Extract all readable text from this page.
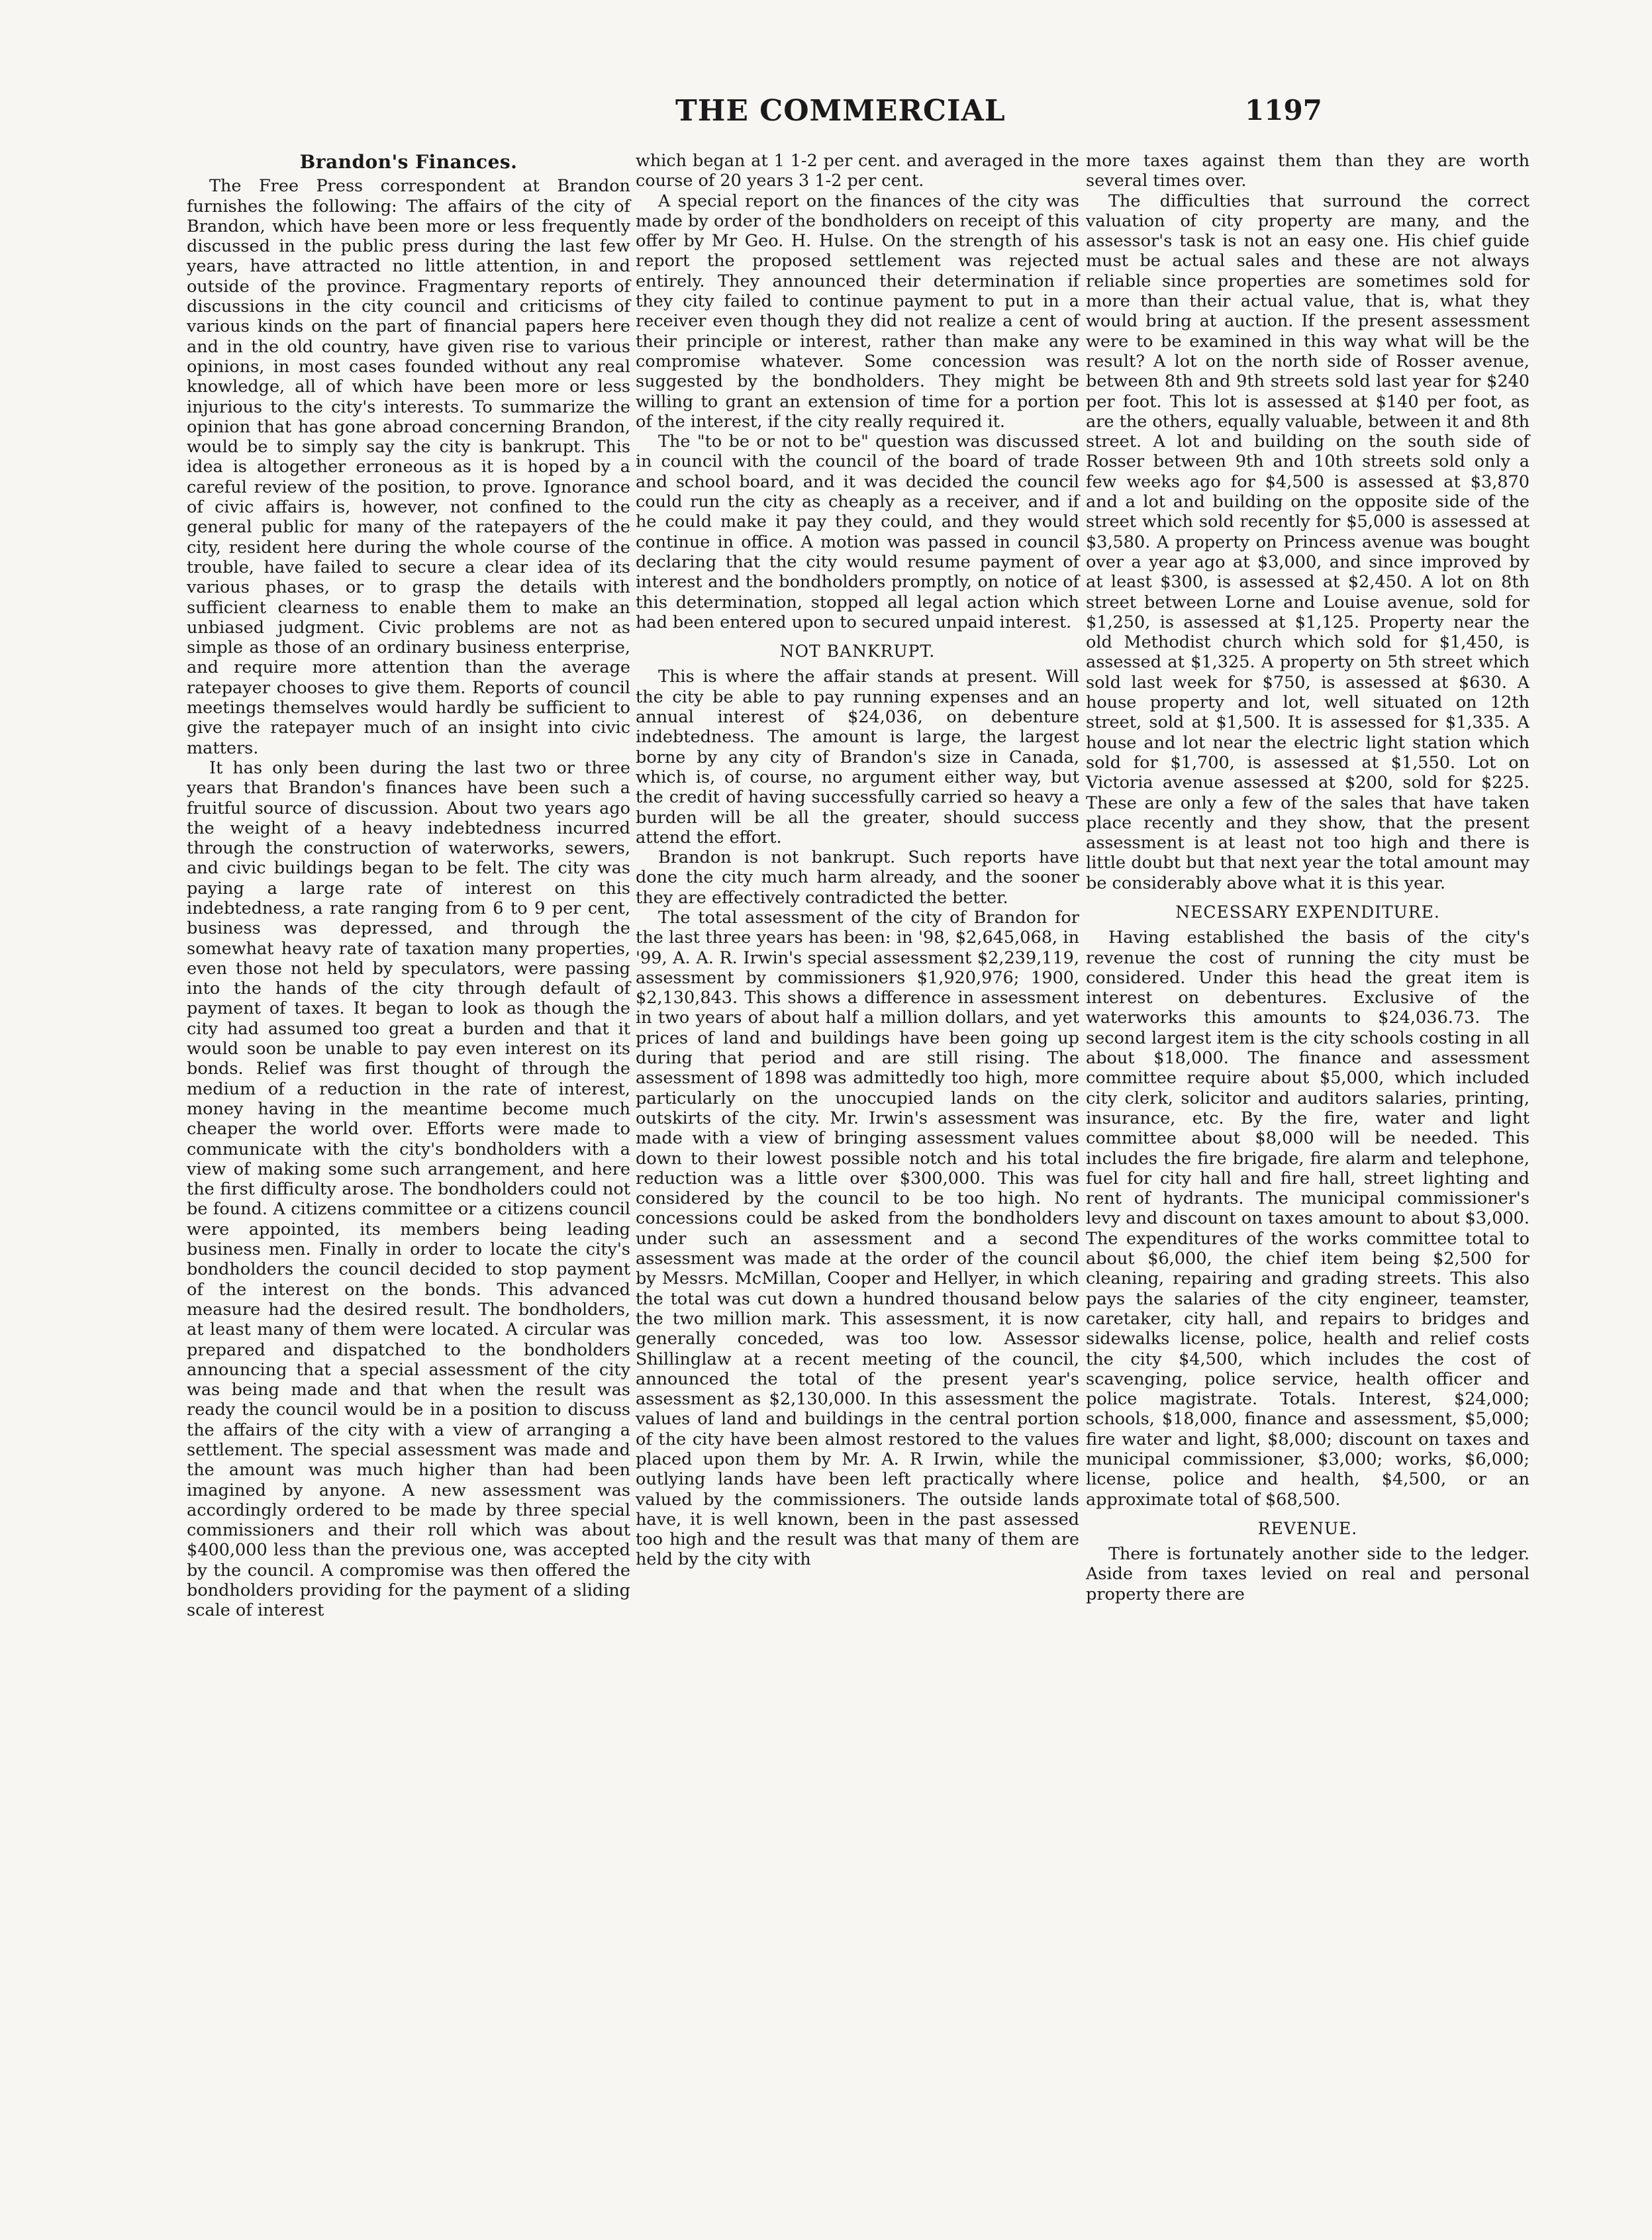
THE COMMERCIAL	1197
Brandon's Finances.

The Free Press correspondent at Brandon furnishes the following: The affairs of the city of Brandon, which have been more or less frequently discussed in the public press during the last few years, have attracted no little attention, in and outside of the province. Fragmentary reports of discussions in the city council and criticisms of various kinds on the part of financial papers here and in the old country, have given rise to various opinions, in most cases founded without any real knowledge, all of which have been more or less injurious to the city's interests. To summarize the opinion that has gone abroad concerning Brandon, would be to simply say the city is bankrupt. This idea is altogether erroneous as it is hoped by a careful review of the position, to prove. Ignorance of civic affairs is, however, not confined to the general public for many of the ratepayers of the city, resident here during the whole course of the trouble, have failed to secure a clear idea of its various phases, or to grasp the details with sufficient clearness to enable them to make an unbiased judgment. Civic problems are not as simple as those of an ordinary business enterprise, and require more attention than the average ratepayer chooses to give them. Reports of council meetings themselves would hardly be sufficient to give the ratepayer much of an insight into civic matters.

It has only been during the last two or three years that Brandon's finances have been such a fruitful source of discussion. About two years ago the weight of a heavy indebtedness incurred through the construction of waterworks, sewers, and civic buildings began to be felt. The city was paying a large rate of interest on this indebtedness, a rate ranging from 6 to 9 per cent, business was depressed, and through the somewhat heavy rate of taxation many properties, even those not held by speculators, were passing into the hands of the city through default of payment of taxes. It began to look as though the city had assumed too great a burden and that it would soon be unable to pay even interest on its bonds. Relief was first thought of through the medium of a reduction in the rate of interest, money having in the meantime become much cheaper the world over. Efforts were made to communicate with the city's bondholders with a view of making some such arrangement, and here the first difficulty arose. The bondholders could not be found. A citizens committee or a citizens council were appointed, its members being leading business men. Finally in order to locate the city's bondholders the council decided to stop payment of the interest on the bonds. This advanced measure had the desired result. The bondholders, at least many of them were located. A circular was prepared and dispatched to the bondholders announcing that a special assessment of the city was being made and that when the result was ready the council would be in a position to discuss the affairs of the city with a view of arranging a settlement. The special assessment was made and the amount was much higher than had been imagined by anyone. A new assessment was accordingly ordered to be made by three special commissioners and their roll which was about $400,000 less than the previous one, was accepted by the council. A compromise was then offered the bondholders providing for the payment of a sliding scale of interest

which began at 1 1-2 per cent. and averaged in the course of 20 years 3 1-2 per cent.

A special report on the finances of the city was made by order of the bondholders on receipt of this offer by Mr Geo. H. Hulse. On the strength of his report the proposed settlement was rejected entirely. They announced their determination if they city failed to continue payment to put in a receiver even though they did not realize a cent of their principle or interest, rather than make any compromise whatever. Some concession was suggested by the bondholders. They might be willing to grant an extension of time for a portion of the interest, if the city really required it.

The "to be or not to be" question was discussed in council with the council of the board of trade and school board, and it was decided the council could run the city as cheaply as a receiver, and if he could make it pay they could, and they would continue in office. A motion was passed in council declaring that the city would resume payment of interest and the bondholders promptly, on notice of this determination, stopped all legal action which had been entered upon to secured unpaid interest.

NOT BANKRUPT.

This is where the affair stands at present. Will the city be able to pay running expenses and an annual interest of $24,036, on debenture indebtedness. The amount is large, the largest borne by any city of Brandon's size in Canada, which is, of course, no argument either way, but the credit of having successfully carried so heavy a burden will be all the greater, should success attend the effort.

Brandon is not bankrupt. Such reports have done the city much harm already, and the sooner they are effectively contradicted the better.

The total assessment of the city of Brandon for the last three years has been: in '98, $2,645,068, in '99, A. A. R. Irwin's special assessment $2,239,119, assessment by commissioners $1,920,976; 1900, $2,130,843. This shows a difference in assessment in two years of about half a million dollars, and yet prices of land and buildings have been going up during that period and are still rising. The assessment of 1898 was admittedly too high, more particularly on the unoccupied lands on the outskirts of the city. Mr. Irwin's assessment was made with a view of bringing assessment values down to their lowest possible notch and his total reduction was a little over $300,000. This was considered by the council to be too high. No concessions could be asked from the bondholders under such an assessment and a second assessment was made at the order of the council by Messrs. McMillan, Cooper and Hellyer, in which the total was cut down a hundred thousand below the two million mark. This assessment, it is now generally conceded, was too low. Assessor Shillinglaw at a recent meeting of the council, announced the total of the present year's assessment as $2,130,000. In this assessment the values of land and buildings in the central portion of the city have been almost restored to the values placed upon them by Mr. A. R Irwin, while the outlying lands have been left practically where valued by the commissioners. The outside lands have, it is well known, been in the past assessed too high and the result was that many of them are held by the city with

more taxes against them than they are worth several times over.

The difficulties that surround the correct valuation of city property are many, and the assessor's task is not an easy one. His chief guide must be actual sales and these are not always reliable since properties are sometimes sold for more than their actual value, that is, what they would bring at auction. If the present assessment were to be examined in this way what will be the result? A lot on the north side of Rosser avenue, between 8th and 9th streets sold last year for $240 per foot. This lot is assessed at $140 per foot, as are the others, equally valuable, between it and 8th street. A lot and building on the south side of Rosser between 9th and 10th streets sold only a few weeks ago for $4,500 is assessed at $3,870 and a lot and building on the opposite side of the street which sold recently for $5,000 is assessed at $3,580. A property on Princess avenue was bought over a year ago at $3,000, and since improved by at least $300, is assessed at $2,450. A lot on 8th street between Lorne and Louise avenue, sold for $1,250, is assessed at $1,125. Property near the old Methodist church which sold for $1,450, is assessed at $1,325. A property on 5th street which sold last week for $750, is assessed at $630. A house property and lot, well situated on 12th street, sold at $1,500. It is assessed for $1,335. A house and lot near the electric light station which sold for $1,700, is assessed at $1,550. Lot on Victoria avenue assessed at $200, sold for $225. These are only a few of the sales that have taken place recently and they show, that the present assessment is at least not too high and there is little doubt but that next year the total amount may be considerably above what it is this year.

NECESSARY EXPENDITURE.

Having established the basis of the city's revenue the cost of running the city must be considered. Under this head the great item is interest on debentures. Exclusive of the waterworks this amounts to $24,036.73. The second largest item is the city schools costing in all about $18,000. The finance and assessment committee require about $5,000, which included city clerk, solicitor and auditors salaries, printing, insurance, etc. By the fire, water and light committee about $8,000 will be needed. This includes the fire brigade, fire alarm and telephone, fuel for city hall and fire hall, street lighting and rent of hydrants. The municipal commissioner's levy and discount on taxes amount to about $3,000. The expenditures of the works committee total to about $6,000, the chief item being $2,500 for cleaning, repairing and grading streets. This also pays the salaries of the city engineer, teamster, caretaker, city hall, and repairs to bridges and sidewalks license, police, health and relief costs the city $4,500, which includes the cost of scavenging, police service, health officer and police magistrate. Totals. Interest, $24,000; schools, $18,000, finance and assessment, $5,000; fire water and light, $8,000; discount on taxes and municipal commissioner, $3,000; works, $6,000; license, police and health, $4,500, or an approximate total of $68,500.

REVENUE.

There is fortunately another side to the ledger. Aside from taxes levied on real and personal property there are
